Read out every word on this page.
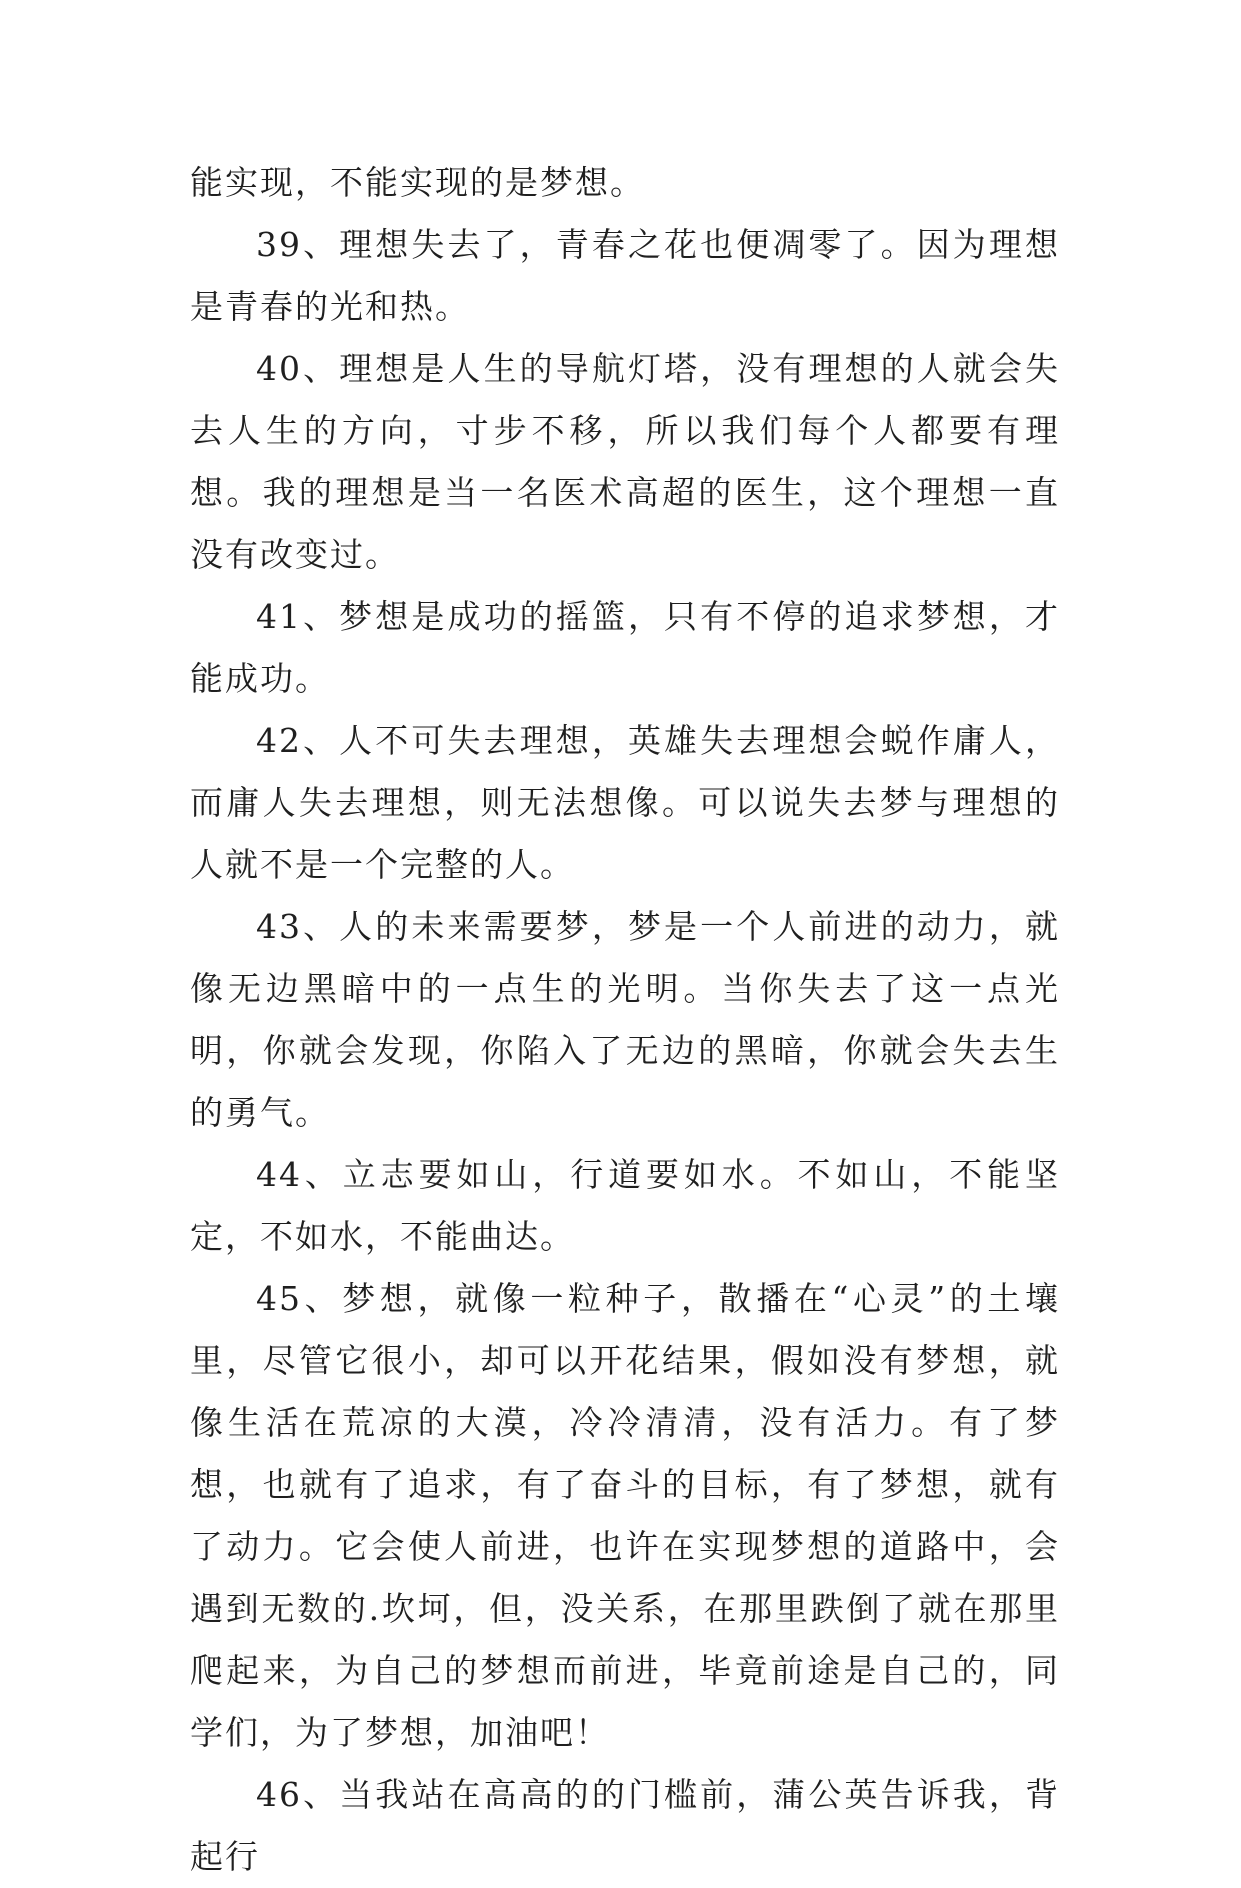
能实现，不能实现的是梦想。

39、理想失去了，青春之花也便凋零了。因为理想是青春的光和热。

40、理想是人生的导航灯塔，没有理想的人就会失去人生的方向，寸步不移，所以我们每个人都要有理想。我的理想是当一名医术高超的医生，这个理想一直没有改变过。

41、梦想是成功的摇篮，只有不停的追求梦想，才能成功。

42、人不可失去理想，英雄失去理想会蜕作庸人，而庸人失去理想，则无法想像。可以说失去梦与理想的人就不是一个完整的人。

43、人的未来需要梦，梦是一个人前进的动力，就像无边黑暗中的一点生的光明。当你失去了这一点光明，你就会发现，你陷入了无边的黑暗，你就会失去生的勇气。

44、立志要如山，行道要如水。不如山，不能坚定，不如水，不能曲达。

45、梦想，就像一粒种子，散播在“心灵”的土壤里，尽管它很小，却可以开花结果，假如没有梦想，就像生活在荒凉的大漠，冷冷清清，没有活力。有了梦想，也就有了追求，有了奋斗的目标，有了梦想，就有了动力。它会使人前进，也许在实现梦想的道路中，会遇到无数的.坎坷，但，没关系，在那里跌倒了就在那里爬起来，为自己的梦想而前进，毕竟前途是自己的，同学们，为了梦想，加油吧！

46、当我站在高高的的门槛前，蒲公英告诉我，背起行
